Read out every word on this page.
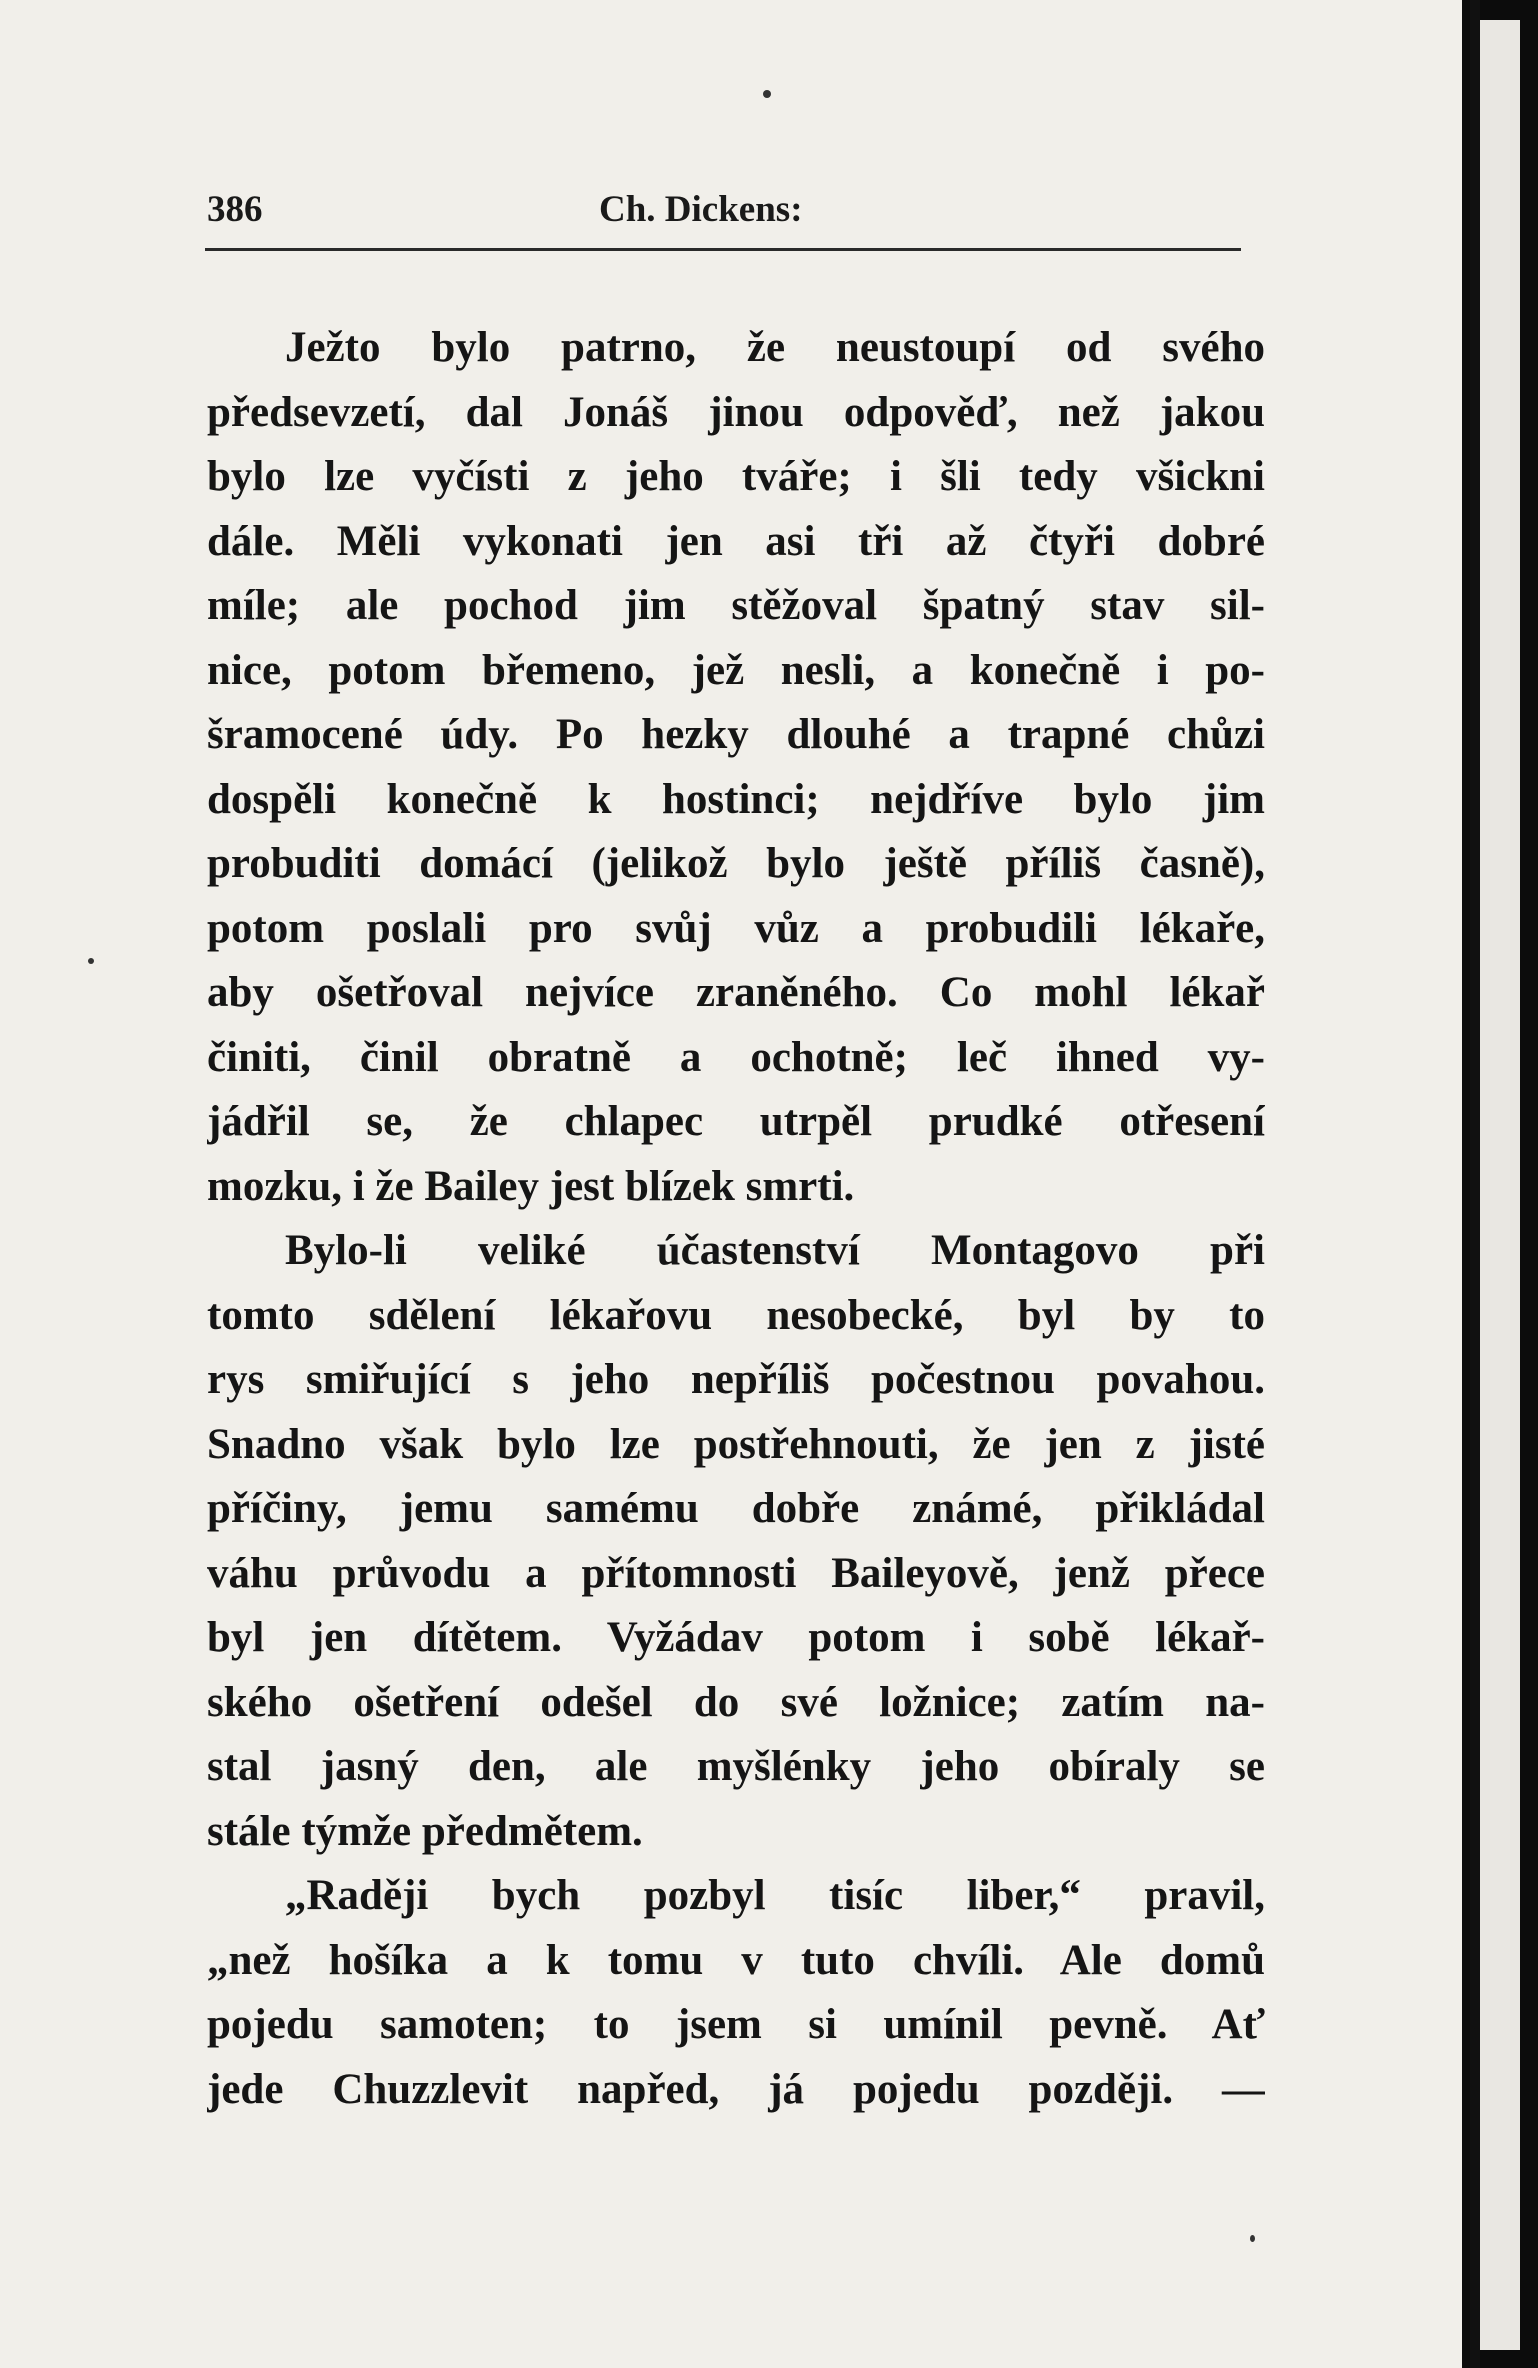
386	Ch. Dickens:
Ježto bylo patrno, že neustoupí od svého
předsevzetí, dal Jonáš jinou odpověď, než jakou
bylo lze vyčísti z jeho tváře; i šli tedy všickni
dále. Měli vykonati jen asi tři až čtyři dobré
míle; ale pochod jim stěžoval špatný stav sil-
nice, potom břemeno, jež nesli, a konečně i po-
šramocené údy. Po hezky dlouhé a trapné chůzi
dospěli konečně k hostinci; nejdříve bylo jim
probuditi domácí (jelikož bylo ještě příliš časně),
potom poslali pro svůj vůz a probudili lékaře,
aby ošetřoval nejvíce zraněného. Co mohl lékař
činiti, činil obratně a ochotně; leč ihned vy-
jádřil se, že chlapec utrpěl prudké otřesení
mozku, i že Bailey jest blízek smrti.
Bylo-li veliké účastenství Montagovo při
tomto sdělení lékařovu nesobecké, byl by to
rys smiřující s jeho nepříliš počestnou povahou.
Snadno však bylo lze postřehnouti, že jen z jisté
příčiny, jemu samému dobře známé, přikládal
váhu průvodu a přítomnosti Baileyově, jenž přece
byl jen dítětem. Vyžádav potom i sobě lékař-
ského ošetření odešel do své ložnice; zatím na-
stal jasný den, ale myšlénky jeho obíraly se
stále týmže předmětem.
„Raději bych pozbyl tisíc liber,“ pravil,
„než hošíka a k tomu v tuto chvíli. Ale domů
pojedu samoten; to jsem si umínil pevně. Ať
jede Chuzzlevit napřed, já pojedu později. —
